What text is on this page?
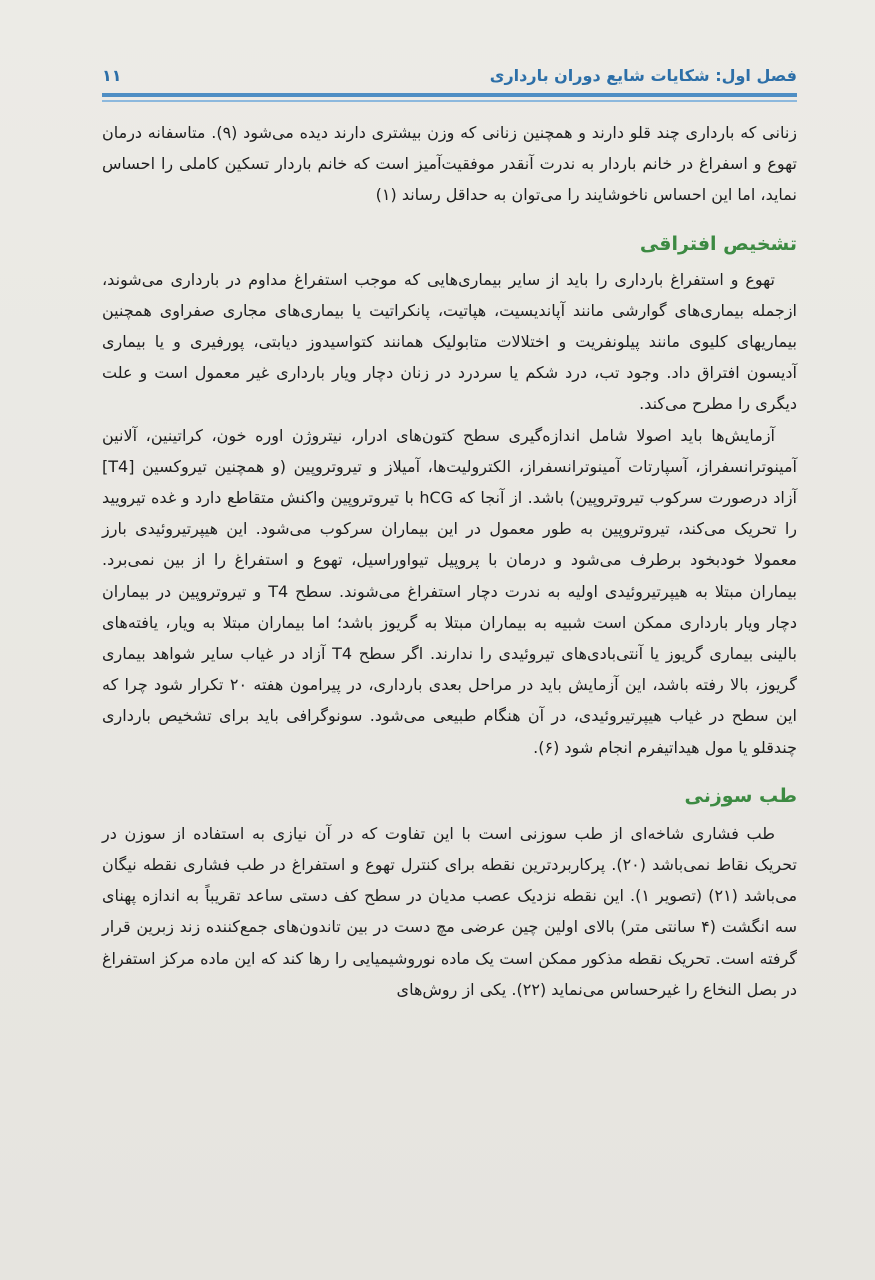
فصل اول: شکایات شایع دوران بارداری
۱۱

زنانی که بارداری چند قلو دارند و همچنین زنانی که وزن بیشتری دارند دیده می‌شود (۹). متاسفانه درمان تهوع و اسفراغ در خانم باردار به ندرت آنقدر موفقیت‌آمیز است که خانم باردار تسکین کاملی را احساس نماید، اما این احساس ناخوشایند را می‌توان به حداقل رساند (۱)

تشخیص افتراقی

تهوع و استفراغ بارداری را باید از سایر بیماری‌هایی که موجب استفراغ مداوم در بارداری می‌شوند، ازجمله بیماری‌های گوارشی مانند آپاندیسیت، هپاتیت، پانکراتیت یا بیماری‌های مجاری صفراوی همچنین بیماریهای کلیوی مانند پیلونفریت و اختلالات متابولیک همانند کتواسیدوز دیابتی، پورفیری و یا بیماری آدیسون افتراق داد. وجود تب، درد شکم یا سردرد در زنان دچار ویار بارداری غیر معمول است و علت دیگری را مطرح می‌کند.

آزمایش‌ها باید اصولا شامل اندازه‌گیری سطح کتون‌های ادرار، نیتروژن اوره خون، کراتینین، آلانین آمینوترانسفراز، آسپارتات آمینوترانسفراز، الکترولیت‌ها، آمیلاز و تیروتروپین (و همچنین تیروکسین [T4] آزاد درصورت سرکوب تیروتروپین) باشد. از آنجا که hCG با تیروتروپین واکنش متقاطع دارد و غده تیرویید را تحریک می‌کند، تیروتروپین به طور معمول در این بیماران سرکوب می‌شود. این هیپرتیروئیدی بارز معمولا خودبخود برطرف می‌شود و درمان با پروپیل تیواوراسیل، تهوع و استفراغ را از بین نمی‌برد. بیماران مبتلا به هیپرتیروئیدی اولیه به ندرت دچار استفراغ می‌شوند. سطح T4 و تیروتروپین در بیماران دچار ویار بارداری ممکن است شبیه به بیماران مبتلا به گریوز باشد؛ اما بیماران مبتلا به ویار، یافته‌های بالینی بیماری گریوز یا آنتی‌بادی‌های تیروئیدی را ندارند. اگر سطح T4 آزاد در غیاب سایر شواهد بیماری گریوز، بالا رفته باشد، این آزمایش باید در مراحل بعدی بارداری، در پیرامون هفته ۲۰ تکرار شود چرا که این سطح در غیاب هیپرتیروئیدی، در آن هنگام طبیعی می‌شود. سونوگرافی باید برای تشخیص بارداری چندقلو یا مول هیداتیفرم انجام شود (۶).

طب سوزنی

طب فشاری شاخه‌ای از طب سوزنی است با این تفاوت که در آن نیازی به استفاده از سوزن در تحریک نقاط نمی‌باشد (۲۰). پرکاربردترین نقطه برای کنترل تهوع و استفراغ در طب فشاری نقطه نیگان می‌باشد (۲۱) (تصویر ۱). این نقطه نزدیک عصب مدیان در سطح کف دستی ساعد تقریباً به اندازه پهنای سه انگشت (۴ سانتی متر) بالای اولین چین عرضی مچ دست در بین تاندون‌های جمع‌کننده زند زبرین قرار گرفته است. تحریک نقطه مذکور ممکن است یک ماده نوروشیمیایی را رها کند که این ماده مرکز استفراغ در بصل النخاع را غیرحساس می‌نماید (۲۲). یکی از روش‌های
